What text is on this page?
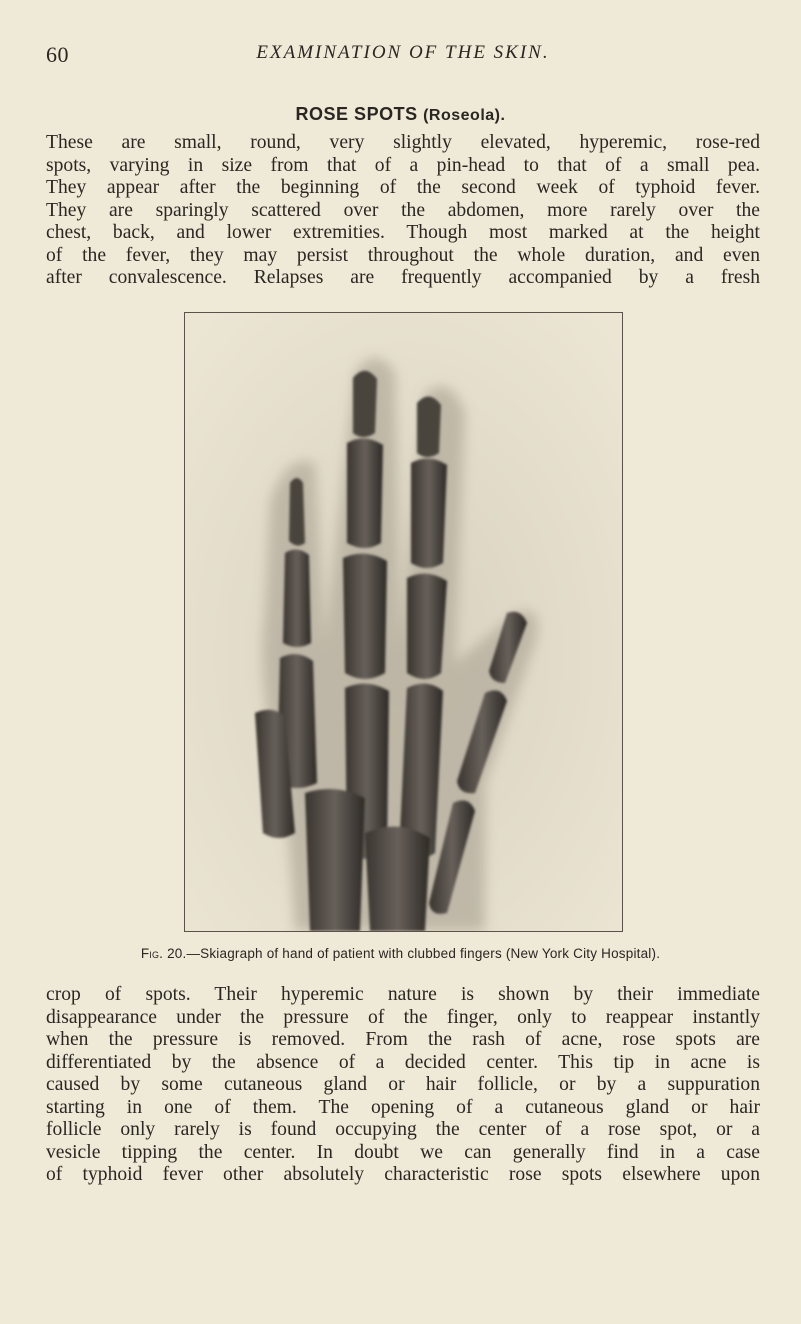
60	EXAMINATION OF THE SKIN.
ROSE SPOTS (Roseola).

These are small, round, very slightly elevated, hyperemic, rose-red
spots, varying in size from that of a pin-head to that of a small pea.
They appear after the beginning of the second week of typhoid fever.
They are sparingly scattered over the abdomen, more rarely over the
chest, back, and lower extremities. Though most marked at the height
of the fever, they may persist throughout the whole duration, and even
after convalescence. Relapses are frequently accompanied by a fresh

Fig. 20.—Skiagraph of hand of patient with clubbed fingers (New York City Hospital).

crop of spots. Their hyperemic nature is shown by their immediate
disappearance under the pressure of the finger, only to reappear instantly
when the pressure is removed. From the rash of acne, rose spots are
differentiated by the absence of a decided center. This tip in acne is
caused by some cutaneous gland or hair follicle, or by a suppuration
starting in one of them. The opening of a cutaneous gland or hair
follicle only rarely is found occupying the center of a rose spot, or a
vesicle tipping the center. In doubt we can generally find in a case
of typhoid fever other absolutely characteristic rose spots elsewhere upon
